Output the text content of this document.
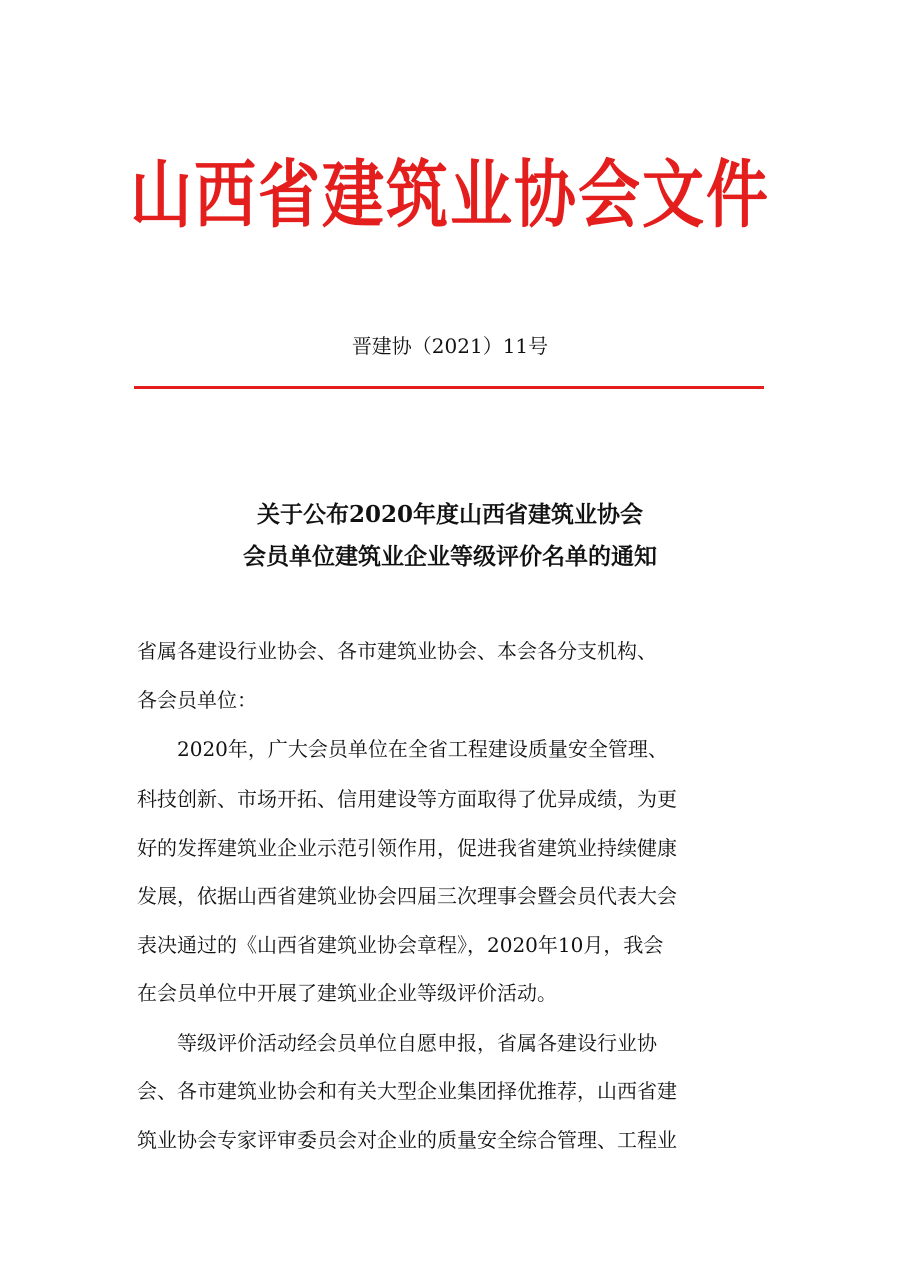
山西省建筑业协会文件
晋建协（2021）11号
关于公布2020年度山西省建筑业协会
会员单位建筑业企业等级评价名单的通知
省属各建设行业协会、各市建筑业协会、本会各分支机构、
各会员单位：
　　2020年，广大会员单位在全省工程建设质量安全管理、
科技创新、市场开拓、信用建设等方面取得了优异成绩，为更
好的发挥建筑业企业示范引领作用，促进我省建筑业持续健康
发展，依据山西省建筑业协会四届三次理事会暨会员代表大会
表决通过的《山西省建筑业协会章程》，2020年10月，我会
在会员单位中开展了建筑业企业等级评价活动。
　　等级评价活动经会员单位自愿申报，省属各建设行业协
会、各市建筑业协会和有关大型企业集团择优推荐，山西省建
筑业协会专家评审委员会对企业的质量安全综合管理、工程业
